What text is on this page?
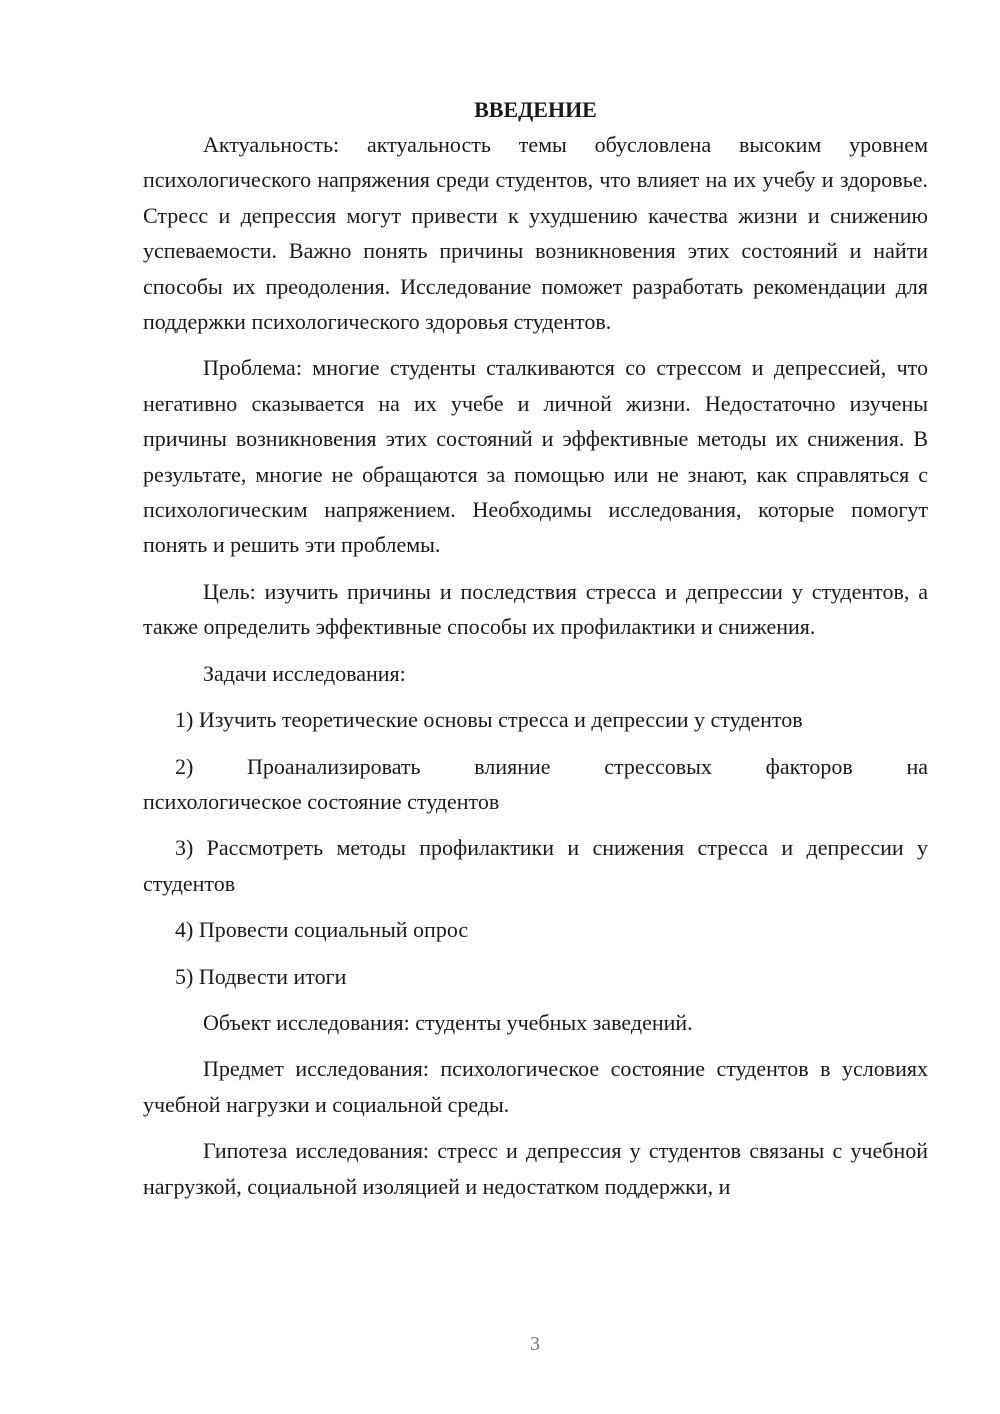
ВВЕДЕНИЕ

Актуальность: актуальность темы обусловлена высоким уровнем психологического напряжения среди студентов, что влияет на их учебу и здоровье. Стресс и депрессия могут привести к ухудшению качества жизни и снижению успеваемости. Важно понять причины возникновения этих состояний и найти способы их преодоления. Исследование поможет разработать рекомендации для поддержки психологического здоровья студентов.

Проблема: многие студенты сталкиваются со стрессом и депрессией, что негативно сказывается на их учебе и личной жизни. Недостаточно изучены причины возникновения этих состояний и эффективные методы их снижения. В результате, многие не обращаются за помощью или не знают, как справляться с психологическим напряжением. Необходимы исследования, которые помогут понять и решить эти проблемы.

Цель: изучить причины и последствия стресса и депрессии у студентов, а также определить эффективные способы их профилактики и снижения.

Задачи исследования:

1) Изучить теоретические основы стресса и депрессии у студентов

2) Проанализировать влияние стрессовых факторов на психологическое состояние студентов

3) Рассмотреть методы профилактики и снижения стресса и депрессии у студентов

4) Провести социальный опрос

5) Подвести итоги

Объект исследования: студенты учебных заведений.

Предмет исследования: психологическое состояние студентов в условиях учебной нагрузки и социальной среды.

Гипотеза исследования: стресс и депрессия у студентов связаны с учебной нагрузкой, социальной изоляцией и недостатком поддержки, и

3
